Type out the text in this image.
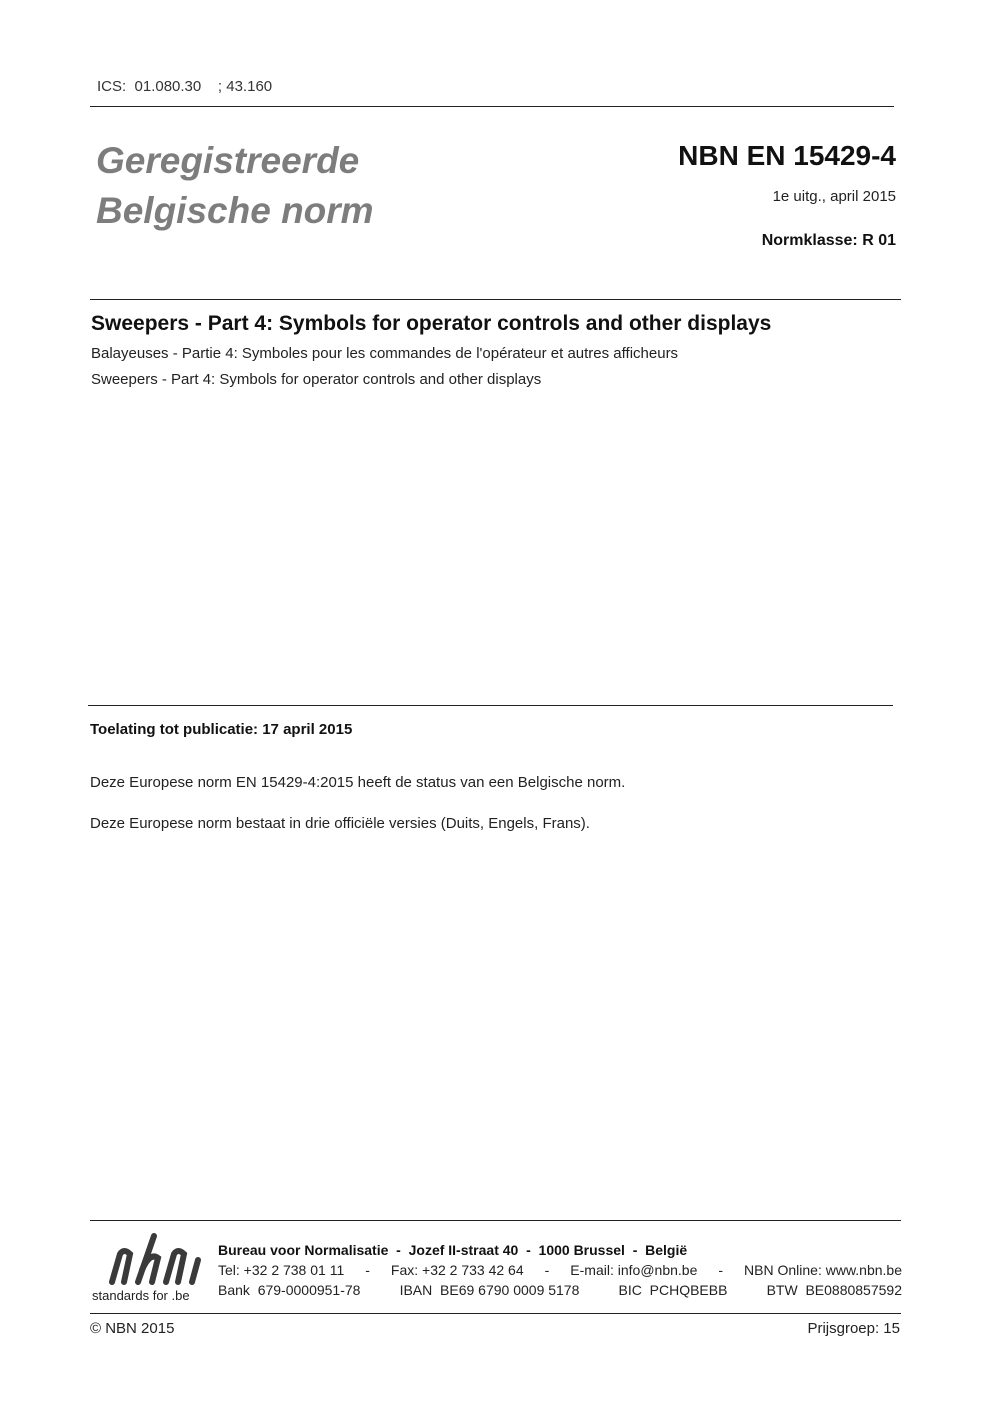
ICS:  01.080.30    ; 43.160
Geregistreerde
Belgische norm
NBN EN 15429-4
1e uitg., april 2015
Normklasse: R 01
Sweepers - Part 4: Symbols for operator controls and other displays
Balayeuses - Partie 4: Symboles pour les commandes de l'opérateur et autres afficheurs
Sweepers - Part 4: Symbols for operator controls and other displays
Toelating tot publicatie: 17 april 2015
Deze Europese norm EN 15429-4:2015 heeft de status van een Belgische norm.
Deze Europese norm bestaat in drie officiële versies (Duits, Engels, Frans).
standards for .be
Bureau voor Normalisatie  -  Jozef II-straat 40  -  1000 Brussel  -  België
Tel: +32 2 738 01 11 - Fax: +32 2 733 42 64 - E-mail: info@nbn.be - NBN Online: www.nbn.be
Bank  679-0000951-78	IBAN  BE69 6790 0009 5178	BIC  PCHQBEBB	BTW  BE0880857592
© NBN 2015	Prijsgroep: 15
